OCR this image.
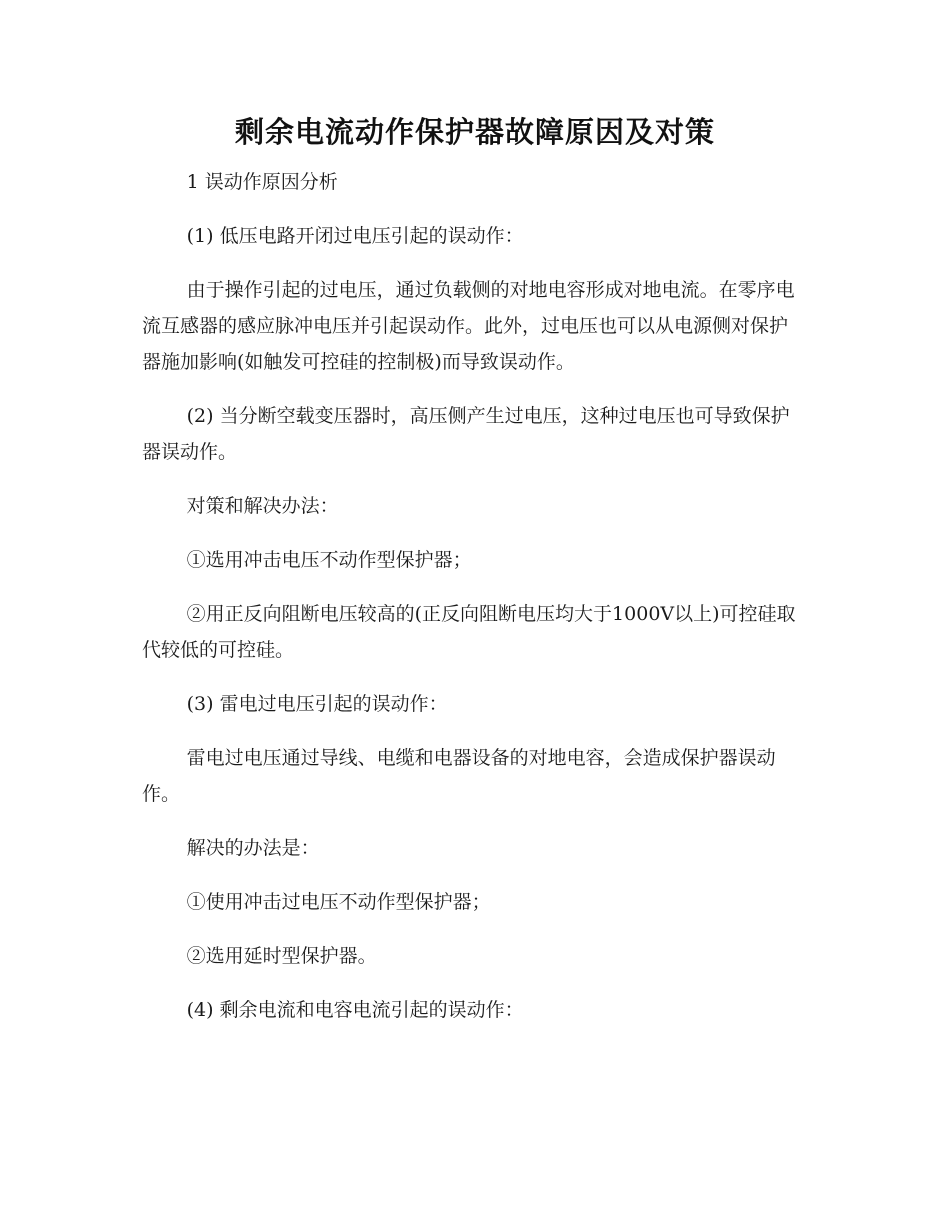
剩余电流动作保护器故障原因及对策

1 误动作原因分析

(1) 低压电路开闭过电压引起的误动作：

由于操作引起的过电压，通过负载侧的对地电容形成对地电流。在零序电流互感器的感应脉冲电压并引起误动作。此外，过电压也可以从电源侧对保护器施加影响(如触发可控硅的控制极)而导致误动作。

(2) 当分断空载变压器时，高压侧产生过电压，这种过电压也可导致保护器误动作。

对策和解决办法：

①选用冲击电压不动作型保护器；

②用正反向阻断电压较高的(正反向阻断电压均大于1000V以上)可控硅取代较低的可控硅。

(3) 雷电过电压引起的误动作：

雷电过电压通过导线、电缆和电器设备的对地电容，会造成保护器误动作。

解决的办法是：

①使用冲击过电压不动作型保护器；

②选用延时型保护器。

(4) 剩余电流和电容电流引起的误动作：
